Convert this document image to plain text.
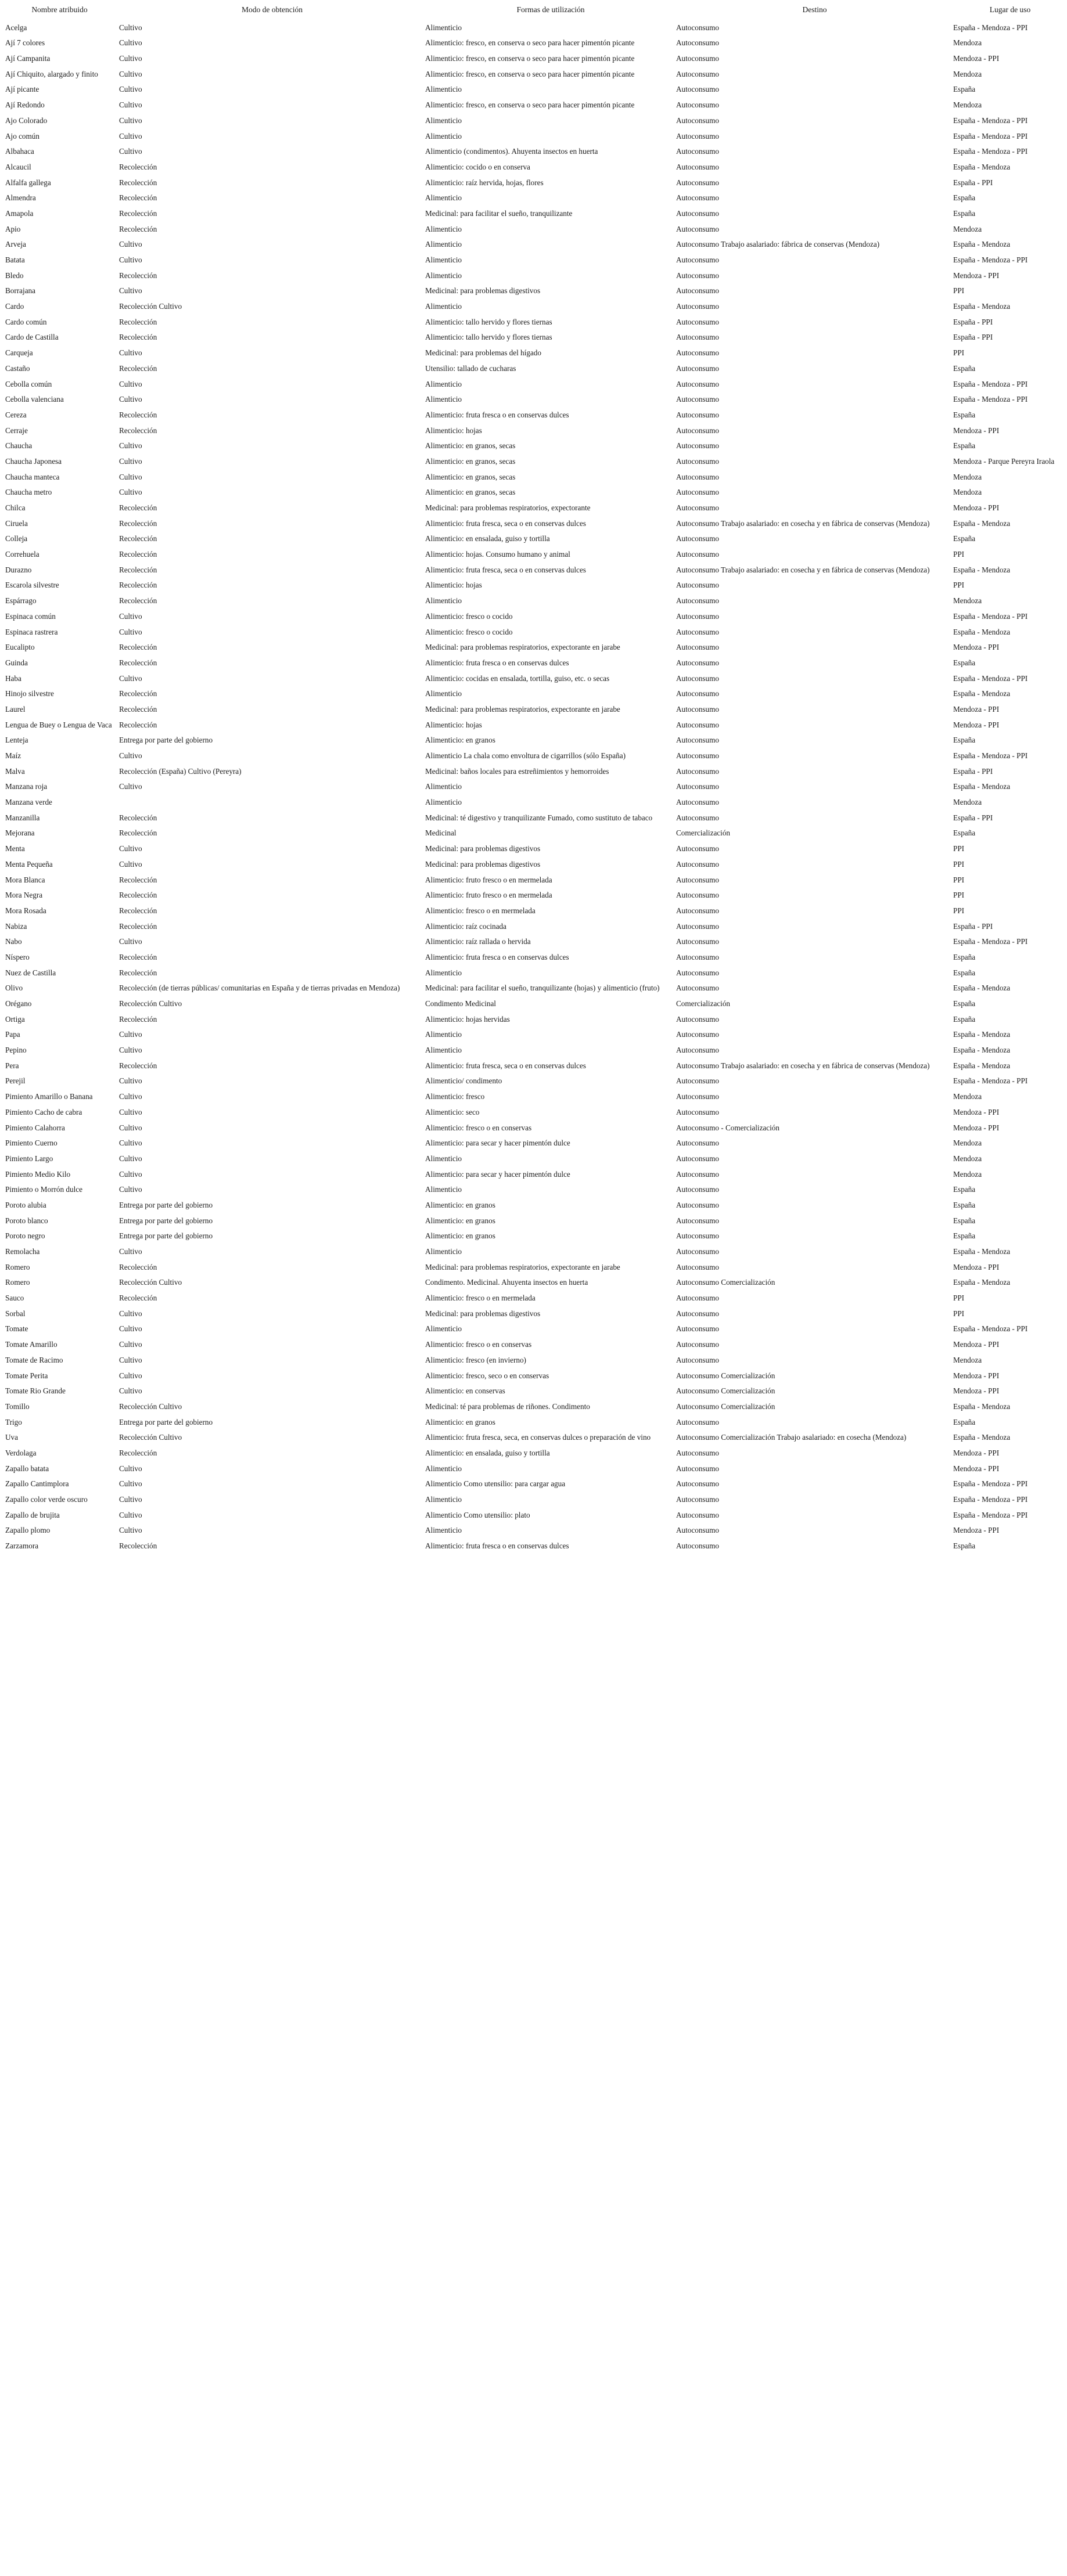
Nombre atribuido	Modo de obtención	Formas de utilización	Destino	Lugar de uso
Acelga	Cultivo	Alimenticio	Autoconsumo	España - Mendoza - PPI
Ají 7 colores	Cultivo	Alimenticio: fresco, en conserva o seco para hacer pimentón picante	Autoconsumo	Mendoza
Ají Campanita	Cultivo	Alimenticio: fresco, en conserva o seco para hacer pimentón picante	Autoconsumo	Mendoza - PPI
Ají Chiquito, alargado y finito	Cultivo	Alimenticio: fresco, en conserva o seco para hacer pimentón picante	Autoconsumo	Mendoza
Ají picante	Cultivo	Alimenticio	Autoconsumo	España
Ají Redondo	Cultivo	Alimenticio: fresco, en conserva o seco para hacer pimentón picante	Autoconsumo	Mendoza
Ajo Colorado	Cultivo	Alimenticio	Autoconsumo	España - Mendoza - PPI
Ajo común	Cultivo	Alimenticio	Autoconsumo	España - Mendoza - PPI
Albahaca	Cultivo	Alimenticio (condimentos). Ahuyenta insectos en huerta	Autoconsumo	España - Mendoza - PPI
Alcaucil	Recolección	Alimenticio: cocido o en conserva	Autoconsumo	España - Mendoza
Alfalfa gallega	Recolección	Alimenticio: raíz hervida, hojas, flores	Autoconsumo	España - PPI
Almendra	Recolección	Alimenticio	Autoconsumo	España
Amapola	Recolección	Medicinal: para facilitar el sueño, tranquilizante	Autoconsumo	España
Apio	Recolección	Alimenticio	Autoconsumo	Mendoza
Arveja	Cultivo	Alimenticio	Autoconsumo Trabajo asalariado: fábrica de conservas (Mendoza)	España - Mendoza
Batata	Cultivo	Alimenticio	Autoconsumo	España - Mendoza - PPI
Bledo	Recolección	Alimenticio	Autoconsumo	Mendoza - PPI
Borrajana	Cultivo	Medicinal: para problemas digestivos	Autoconsumo	PPI
Cardo	Recolección Cultivo	Alimenticio	Autoconsumo	España - Mendoza
Cardo común	Recolección	Alimenticio: tallo hervido y flores tiernas	Autoconsumo	España - PPI
Cardo de Castilla	Recolección	Alimenticio: tallo hervido y flores tiernas	Autoconsumo	España - PPI
Carqueja	Cultivo	Medicinal: para problemas del hígado	Autoconsumo	PPI
Castaño	Recolección	Utensilio: tallado de cucharas	Autoconsumo	España
Cebolla común	Cultivo	Alimenticio	Autoconsumo	España - Mendoza - PPI
Cebolla valenciana	Cultivo	Alimenticio	Autoconsumo	España - Mendoza - PPI
Cereza	Recolección	Alimenticio: fruta fresca o en conservas dulces	Autoconsumo	España
Cerraje	Recolección	Alimenticio: hojas	Autoconsumo	Mendoza - PPI
Chaucha	Cultivo	Alimenticio: en granos, secas	Autoconsumo	España
Chaucha Japonesa	Cultivo	Alimenticio: en granos, secas	Autoconsumo	Mendoza - Parque Pereyra Iraola
Chaucha manteca	Cultivo	Alimenticio: en granos, secas	Autoconsumo	Mendoza
Chaucha metro	Cultivo	Alimenticio: en granos, secas	Autoconsumo	Mendoza
Chilca	Recolección	Medicinal: para problemas respiratorios, expectorante	Autoconsumo	Mendoza - PPI
Ciruela	Recolección	Alimenticio: fruta fresca, seca o en conservas dulces	Autoconsumo Trabajo asalariado: en cosecha y en fábrica de conservas (Mendoza)	España - Mendoza
Colleja	Recolección	Alimenticio: en ensalada, guiso y tortilla	Autoconsumo	España
Correhuela	Recolección	Alimenticio: hojas. Consumo humano y animal	Autoconsumo	PPI
Durazno	Recolección	Alimenticio: fruta fresca, seca o en conservas dulces	Autoconsumo Trabajo asalariado: en cosecha y en fábrica de conservas (Mendoza)	España - Mendoza
Escarola silvestre	Recolección	Alimenticio: hojas	Autoconsumo	PPI
Espárrago	Recolección	Alimenticio	Autoconsumo	Mendoza
Espinaca común	Cultivo	Alimenticio: fresco o cocido	Autoconsumo	España - Mendoza - PPI
Espinaca rastrera	Cultivo	Alimenticio: fresco o cocido	Autoconsumo	España - Mendoza
Eucalipto	Recolección	Medicinal: para problemas respiratorios, expectorante en jarabe	Autoconsumo	Mendoza - PPI
Guinda	Recolección	Alimenticio: fruta fresca o en conservas dulces	Autoconsumo	España
Haba	Cultivo	Alimenticio: cocidas en ensalada, tortilla, guiso, etc. o secas	Autoconsumo	España - Mendoza - PPI
Hinojo silvestre	Recolección	Alimenticio	Autoconsumo	España - Mendoza
Laurel	Recolección	Medicinal: para problemas respiratorios, expectorante en jarabe	Autoconsumo	Mendoza - PPI
Lengua de Buey o Lengua de Vaca	Recolección	Alimenticio: hojas	Autoconsumo	Mendoza - PPI
Lenteja	Entrega por parte del gobierno	Alimenticio: en granos	Autoconsumo	España
Maíz	Cultivo	Alimenticio La chala como envoltura de cigarrillos (sólo España)	Autoconsumo	España - Mendoza - PPI
Malva	Recolección (España) Cultivo (Pereyra)	Medicinal: baños locales para estreñimientos y hemorroides	Autoconsumo	España - PPI
Manzana roja	Cultivo	Alimenticio	Autoconsumo	España - Mendoza
Manzana verde		Alimenticio	Autoconsumo	Mendoza
Manzanilla	Recolección	Medicinal: té digestivo y tranquilizante Fumado, como sustituto de tabaco	Autoconsumo	España - PPI
Mejorana	Recolección	Medicinal	Comercialización	España
Menta	Cultivo	Medicinal: para problemas digestivos	Autoconsumo	PPI
Menta Pequeña	Cultivo	Medicinal: para problemas digestivos	Autoconsumo	PPI
Mora Blanca	Recolección	Alimenticio: fruto fresco o en mermelada	Autoconsumo	PPI
Mora Negra	Recolección	Alimenticio: fruto fresco o en mermelada	Autoconsumo	PPI
Mora Rosada	Recolección	Alimenticio: fresco o en mermelada	Autoconsumo	PPI
Nabiza	Recolección	Alimenticio: raíz cocinada	Autoconsumo	España - PPI
Nabo	Cultivo	Alimenticio: raíz rallada o hervida	Autoconsumo	España - Mendoza - PPI
Níspero	Recolección	Alimenticio: fruta fresca o en conservas dulces	Autoconsumo	España
Nuez de Castilla	Recolección	Alimenticio	Autoconsumo	España
Olivo	Recolección (de tierras públicas/ comunitarias en España y de tierras privadas en Mendoza)	Medicinal: para facilitar el sueño, tranquilizante (hojas) y alimenticio (fruto)	Autoconsumo	España - Mendoza
Orégano	Recolección Cultivo	Condimento Medicinal	Comercialización	España
Ortiga	Recolección	Alimenticio: hojas hervidas	Autoconsumo	España
Papa	Cultivo	Alimenticio	Autoconsumo	España - Mendoza
Pepino	Cultivo	Alimenticio	Autoconsumo	España - Mendoza
Pera	Recolección	Alimenticio: fruta fresca, seca o en conservas dulces	Autoconsumo Trabajo asalariado: en cosecha y en fábrica de conservas (Mendoza)	España - Mendoza
Perejil	Cultivo	Alimenticio/ condimento	Autoconsumo	España - Mendoza - PPI
Pimiento Amarillo o Banana	Cultivo	Alimenticio: fresco	Autoconsumo	Mendoza
Pimiento Cacho de cabra	Cultivo	Alimenticio: seco	Autoconsumo	Mendoza - PPI
Pimiento Calahorra	Cultivo	Alimenticio: fresco o en conservas	Autoconsumo - Comercialización	Mendoza - PPI
Pimiento Cuerno	Cultivo	Alimenticio: para secar y hacer pimentón dulce	Autoconsumo	Mendoza
Pimiento Largo	Cultivo	Alimenticio	Autoconsumo	Mendoza
Pimiento Medio Kilo	Cultivo	Alimenticio: para secar y hacer pimentón dulce	Autoconsumo	Mendoza
Pimiento o Morrón dulce	Cultivo	Alimenticio	Autoconsumo	España
Poroto alubia	Entrega por parte del gobierno	Alimenticio: en granos	Autoconsumo	España
Poroto blanco	Entrega por parte del gobierno	Alimenticio: en granos	Autoconsumo	España
Poroto negro	Entrega por parte del gobierno	Alimenticio: en granos	Autoconsumo	España
Remolacha	Cultivo	Alimenticio	Autoconsumo	España - Mendoza
Romero	Recolección	Medicinal: para problemas respiratorios, expectorante en jarabe	Autoconsumo	Mendoza - PPI
Romero	Recolección Cultivo	Condimento. Medicinal. Ahuyenta insectos en huerta	Autoconsumo Comercialización	España - Mendoza
Sauco	Recolección	Alimenticio: fresco o en mermelada	Autoconsumo	PPI
Sorbal	Cultivo	Medicinal: para problemas digestivos	Autoconsumo	PPI
Tomate	Cultivo	Alimenticio	Autoconsumo	España - Mendoza - PPI
Tomate Amarillo	Cultivo	Alimenticio: fresco o en conservas	Autoconsumo	Mendoza - PPI
Tomate de Racimo	Cultivo	Alimenticio: fresco (en invierno)	Autoconsumo	Mendoza
Tomate Perita	Cultivo	Alimenticio: fresco, seco o en conservas	Autoconsumo Comercialización	Mendoza - PPI
Tomate Rio Grande	Cultivo	Alimenticio: en conservas	Autoconsumo Comercialización	Mendoza - PPI
Tomillo	Recolección Cultivo	Medicinal: té para problemas de riñones. Condimento	Autoconsumo Comercialización	España - Mendoza
Trigo	Entrega por parte del gobierno	Alimenticio: en granos	Autoconsumo	España
Uva	Recolección Cultivo	Alimenticio: fruta fresca, seca, en conservas dulces o preparación de vino	Autoconsumo Comercialización Trabajo asalariado: en cosecha (Mendoza)	España - Mendoza
Verdolaga	Recolección	Alimenticio: en ensalada, guiso y tortilla	Autoconsumo	Mendoza - PPI
Zapallo batata	Cultivo	Alimenticio	Autoconsumo	Mendoza - PPI
Zapallo Cantimplora	Cultivo	Alimenticio Como utensilio: para cargar agua	Autoconsumo	España - Mendoza - PPI
Zapallo color verde oscuro	Cultivo	Alimenticio	Autoconsumo	España - Mendoza - PPI
Zapallo de brujita	Cultivo	Alimenticio Como utensilio: plato	Autoconsumo	España - Mendoza - PPI
Zapallo plomo	Cultivo	Alimenticio	Autoconsumo	Mendoza - PPI
Zarzamora	Recolección	Alimenticio: fruta fresca o en conservas dulces	Autoconsumo	España
